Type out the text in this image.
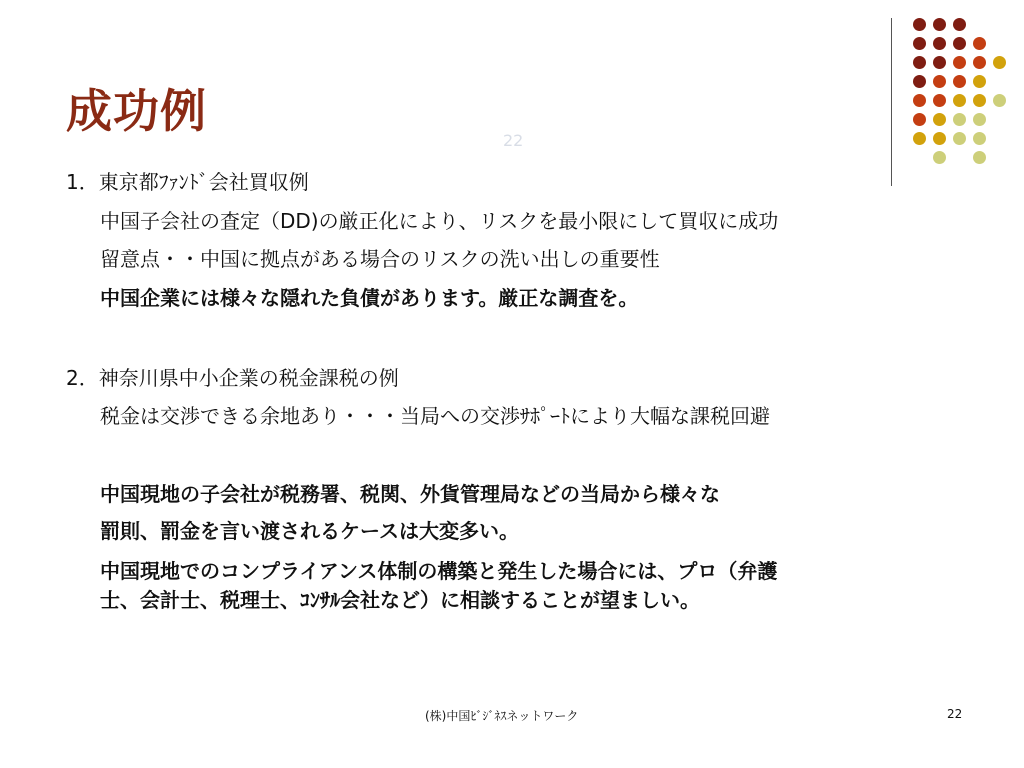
成功例
22
1．東京都ﾌｧﾝﾄﾞ会社買収例
中国子会社の査定（DD)の厳正化により、リスクを最小限にして買収に成功
留意点・・中国に拠点がある場合のリスクの洗い出しの重要性
中国企業には様々な隠れた負債があります。厳正な調査を。
2．神奈川県中小企業の税金課税の例
税金は交渉できる余地あり・・・当局への交渉ｻﾎﾟｰﾄにより大幅な課税回避
中国現地の子会社が税務署、税関、外貨管理局などの当局から様々な
罰則、罰金を言い渡されるケースは大変多い。
中国現地でのコンプライアンス体制の構築と発生した場合には、プロ（弁護
士、会計士、税理士、ｺﾝｻﾙ会社など）に相談することが望ましい。
(株)中国ﾋﾞｼﾞﾈｽネットワーク	22
